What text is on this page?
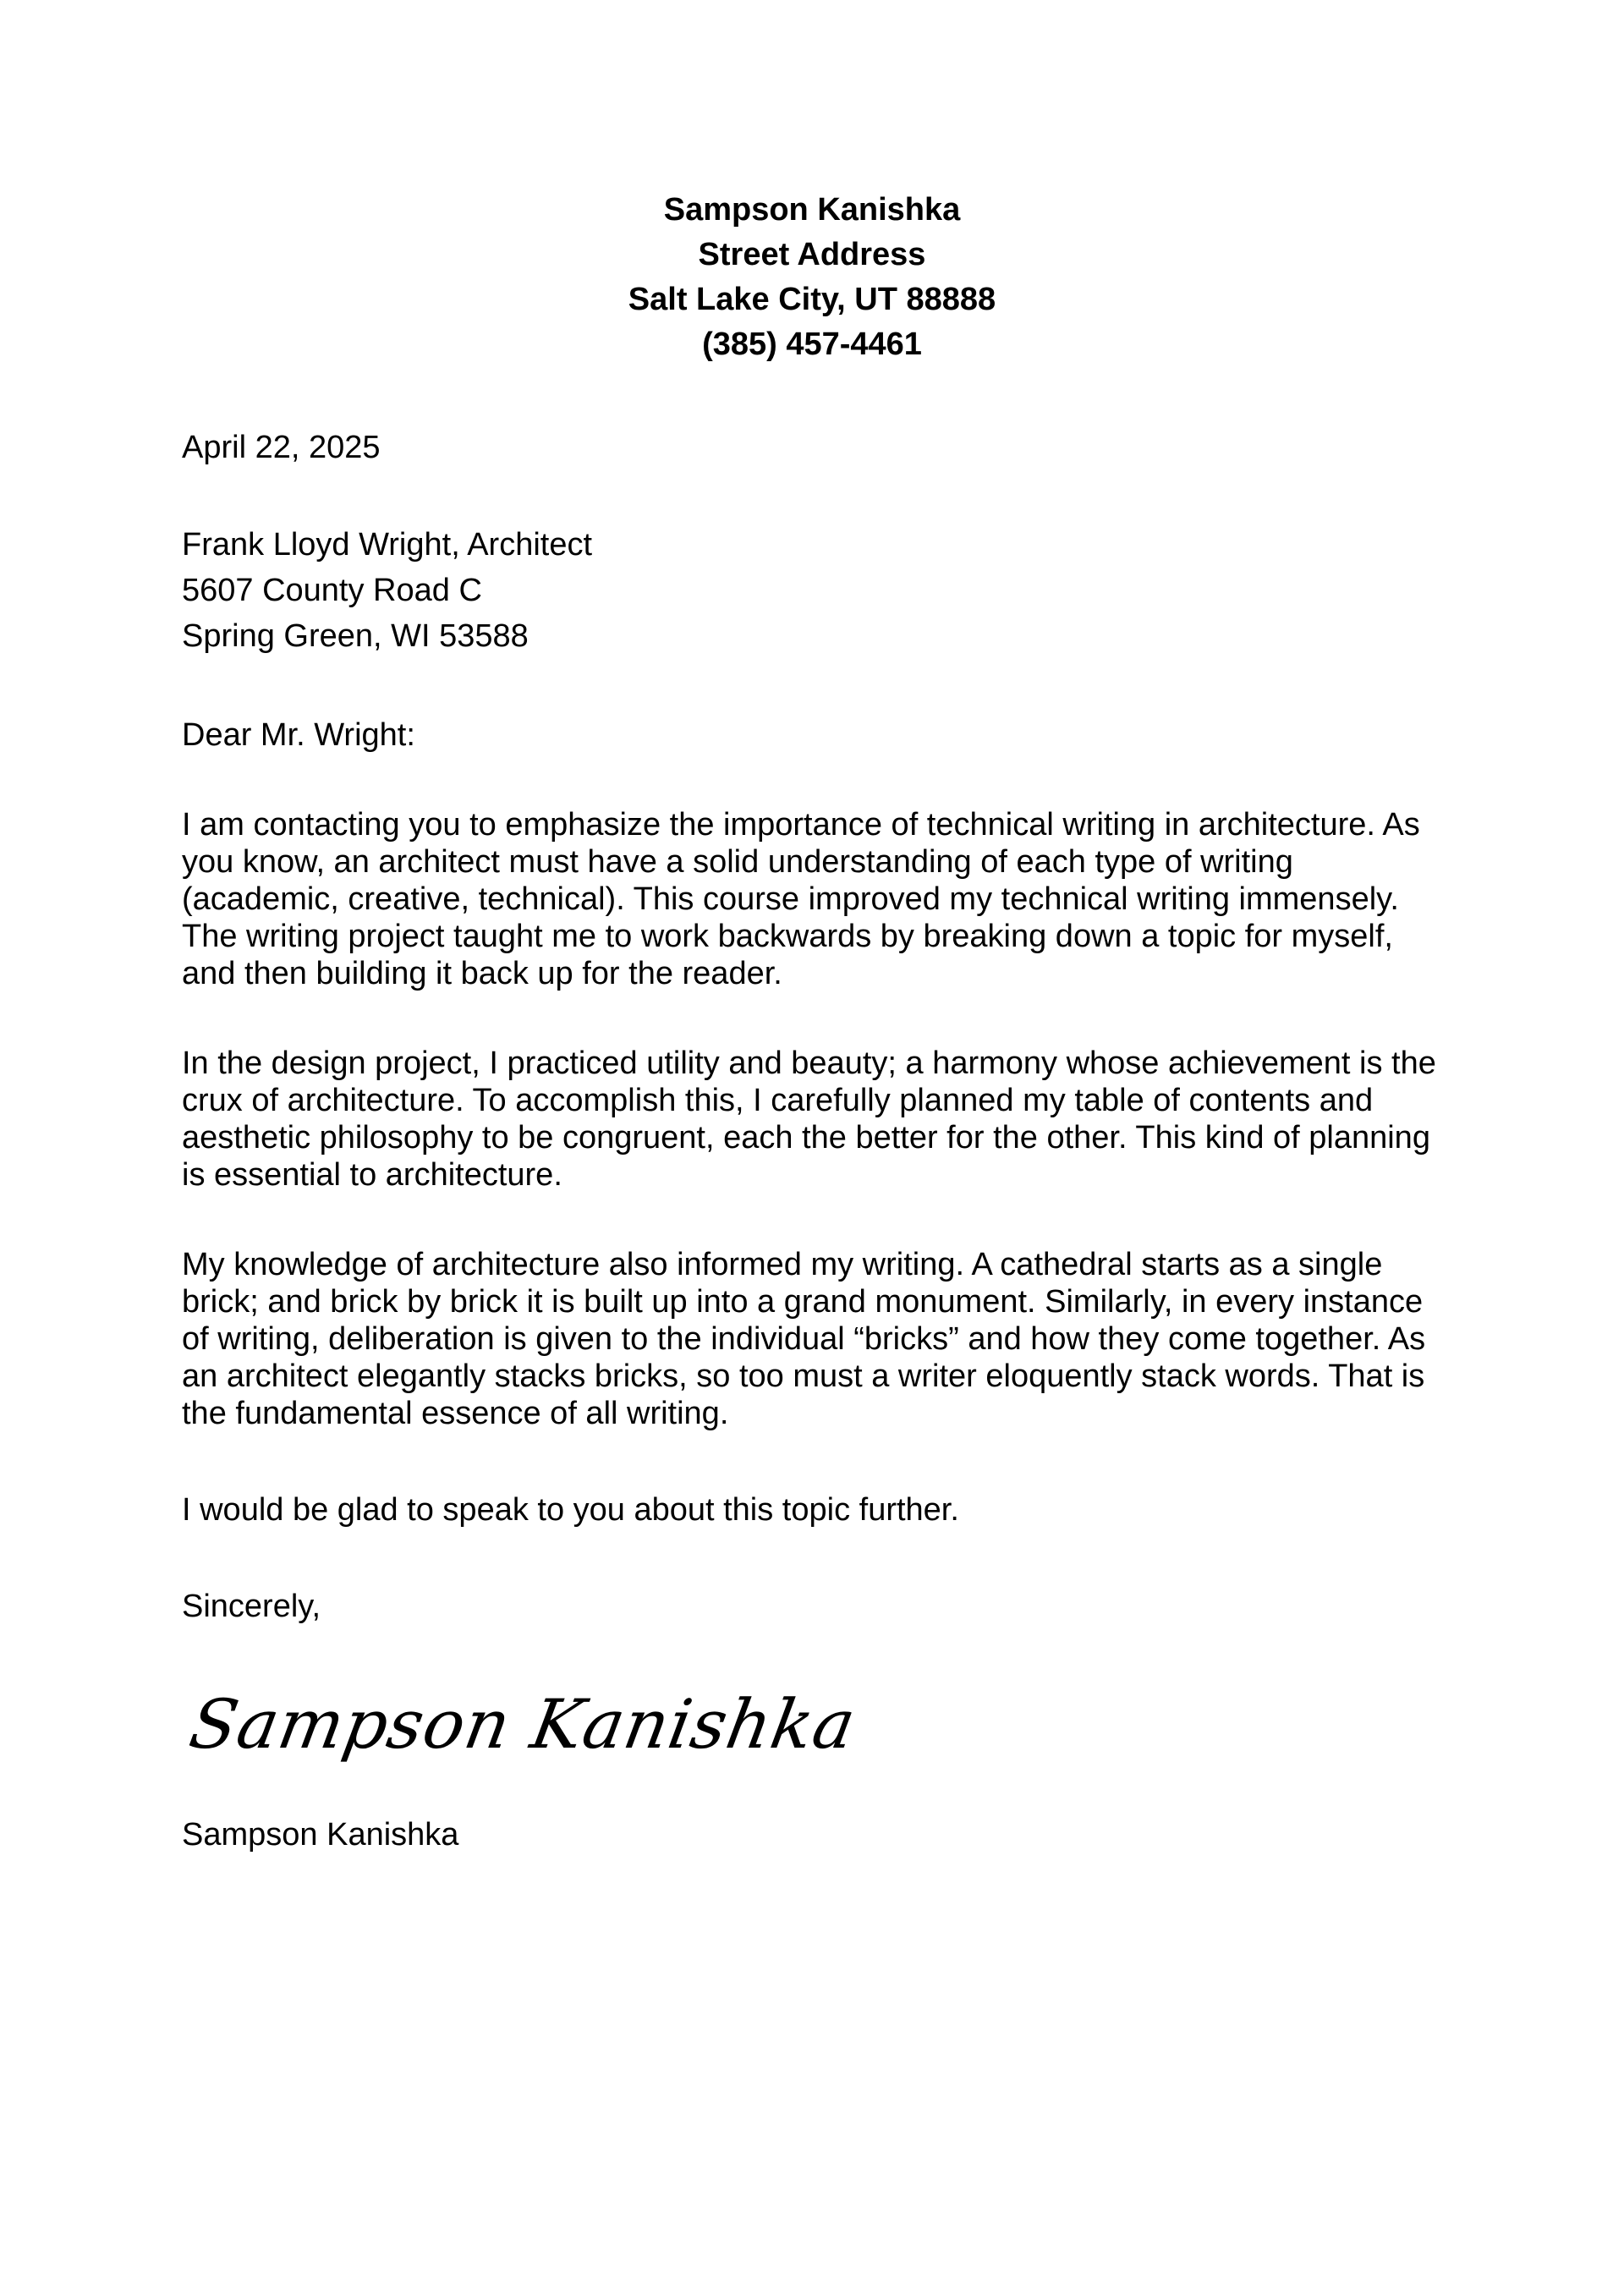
Sampson Kanishka
Street Address
Salt Lake City, UT 88888
(385) 457-4461
April 22, 2025
Frank Lloyd Wright, Architect
5607 County Road C
Spring Green, WI 53588
Dear Mr. Wright:

I am contacting you to emphasize the importance of technical writing in architecture. As you know, an architect must have a solid understanding of each type of writing (academic, creative, technical). This course improved my technical writing immensely. The writing project taught me to work backwards by breaking down a topic for myself, and then building it back up for the reader.

In the design project, I practiced utility and beauty; a harmony whose achievement is the crux of architecture. To accomplish this, I carefully planned my table of contents and aesthetic philosophy to be congruent, each the better for the other. This kind of planning is essential to architecture.

My knowledge of architecture also informed my writing. A cathedral starts as a single brick; and brick by brick it is built up into a grand monument. Similarly, in every instance of writing, deliberation is given to the individual “bricks” and how they come together. As an architect elegantly stacks bricks, so too must a writer eloquently stack words. That is the fundamental essence of all writing.

I would be glad to speak to you about this topic further.

Sincerely,
Sampson Kanishka
Sampson Kanishka
